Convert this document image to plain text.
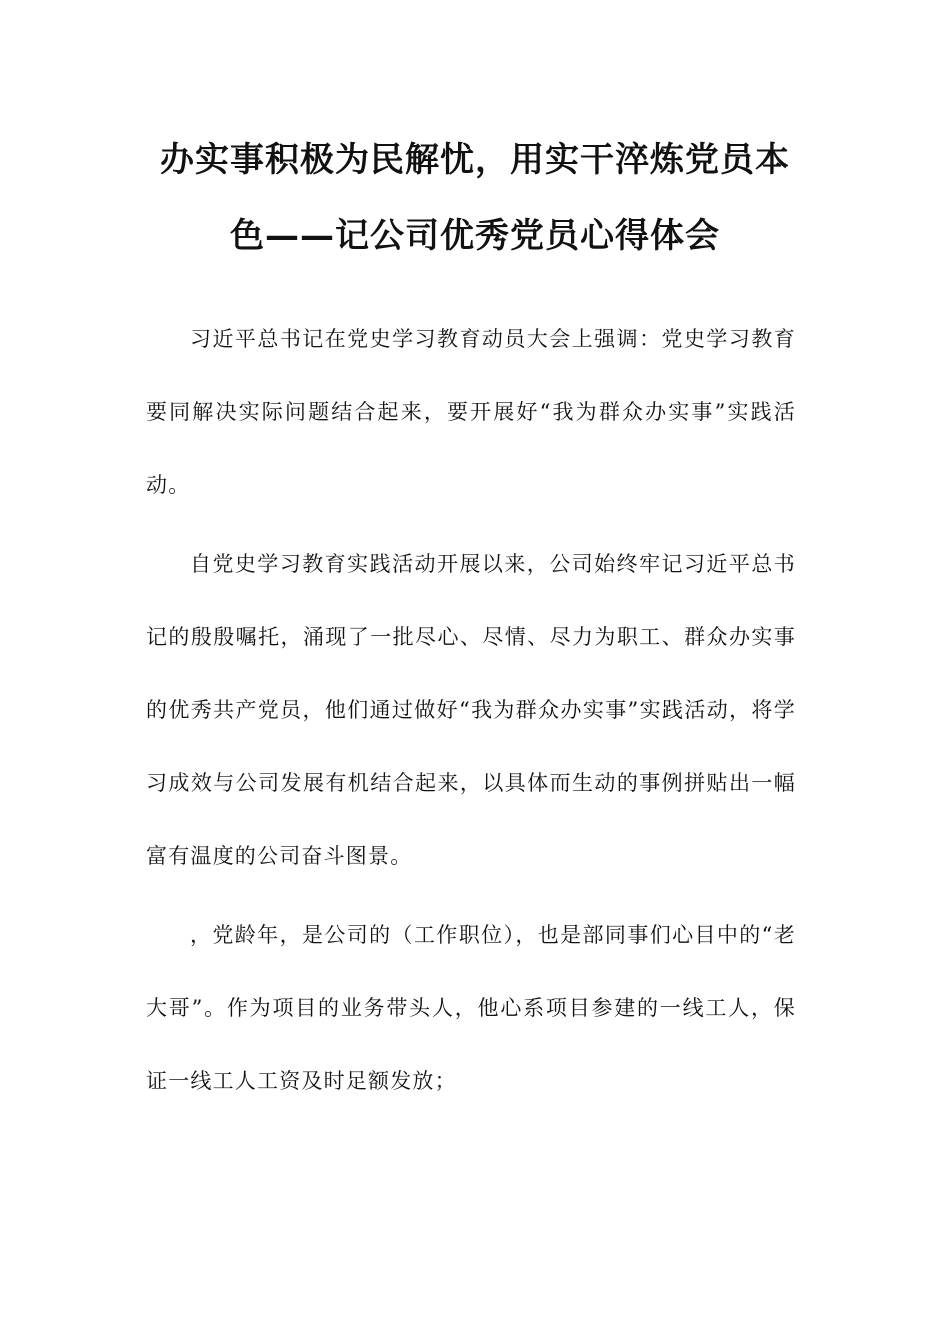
办实事积极为民解忧，用实干淬炼党员本
色——记公司优秀党员心得体会

习近平总书记在党史学习教育动员大会上强调：党史学习教育要同解决实际问题结合起来，要开展好“我为群众办实事”实践活动。

自党史学习教育实践活动开展以来，公司始终牢记习近平总书记的殷殷嘱托，涌现了一批尽心、尽情、尽力为职工、群众办实事的优秀共产党员，他们通过做好“我为群众办实事”实践活动，将学习成效与公司发展有机结合起来，以具体而生动的事例拼贴出一幅富有温度的公司奋斗图景。

，党龄年，是公司的（工作职位），也是部同事们心目中的“老大哥”。作为项目的业务带头人，他心系项目参建的一线工人，保证一线工人工资及时足额发放；
